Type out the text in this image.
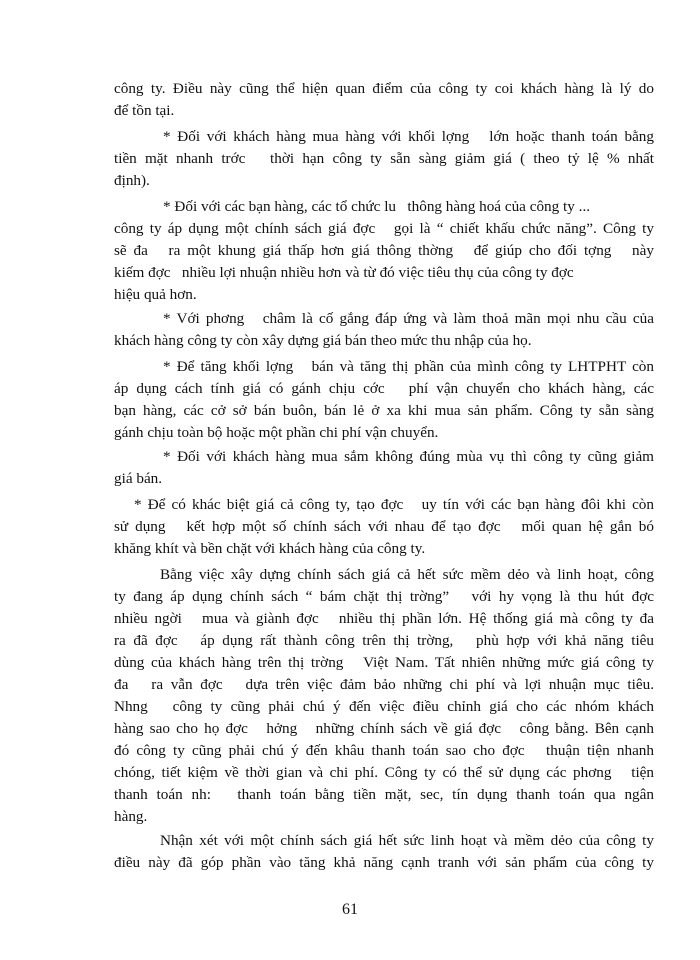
công ty. Điều này cũng thể hiện quan điểm của công ty coi khách hàng là lý do

để tồn tại.

* Đối với khách hàng mua hàng với khối lợng   lớn hoặc thanh toán bằng

tiền mặt nhanh trớc   thời hạn công ty sẵn sàng giảm giá ( theo tỷ lệ % nhất

định).

* Đối với các bạn hàng, các tổ chức lu   thông hàng hoá của công ty ...

công ty áp dụng một chính sách giá đợc   gọi là “ chiết khấu chức năng”. Công ty

sẽ đa   ra một khung giá thấp hơn giá thông thờng   để giúp cho đối tợng   này

kiếm đợc   nhiều lợi nhuận nhiều hơn và từ đó việc tiêu thụ của công ty đợc

hiệu quả hơn.

* Với phơng   châm là cố gắng đáp ứng và làm thoả mãn mọi nhu cầu của

khách hàng công ty còn xây dựng giá bán theo mức thu nhập của họ.

* Để tăng khối lợng   bán và tăng thị phần của mình công ty LHTPHT còn

áp dụng cách tính giá có gánh chịu cớc   phí vận chuyển cho khách hàng, các

bạn hàng, các cở sở bán buôn, bán lẻ ở xa khi mua sản phẩm. Công ty sẵn sàng

gánh chịu toàn bộ hoặc một phần chi phí vận chuyển.

* Đối với khách hàng mua sắm không đúng mùa vụ thì công ty cũng giảm

giá bán.

* Để có khác biệt giá cả công ty, tạo đợc   uy tín với các bạn hàng đôi khi còn

sử dụng   kết hợp một số chính sách với nhau để tạo đợc   mối quan hệ gắn bó

khăng khít và bền chặt với khách hàng của công ty.

Bằng việc xây dựng chính sách giá cả hết sức mềm dẻo và linh hoạt, công

ty đang áp dụng chính sách “ bám chặt thị trờng”   với hy vọng là thu hút đợc

nhiều ngời   mua và giành đợc   nhiều thị phần lớn. Hệ thống giá mà công ty đa

ra đã đợc   áp dụng rất thành công trên thị trờng,   phù hợp với khả năng tiêu

dùng của khách hàng trên thị trờng   Việt Nam. Tất nhiên những mức giá công ty

đa   ra vẫn đợc   dựa trên việc đảm bảo những chi phí và lợi nhuận mục tiêu.

Nhng   công ty cũng phải chú ý đến việc điều chỉnh giá cho các nhóm khách

hàng sao cho họ đợc   hởng   những chính sách về giá đợc   công bằng. Bên cạnh

đó công ty cũng phải chú ý đến khâu thanh toán sao cho đợc   thuận tiện nhanh

chóng, tiết kiệm về thời gian và chi phí. Công ty có thể sử dụng các phơng   tiện

thanh toán nh:   thanh toán bằng tiền mặt, sec, tín dụng thanh toán qua ngân

hàng.

Nhận xét với một chính sách giá hết sức linh hoạt và mềm dẻo của công ty

điều này đã góp phần vào tăng khả năng cạnh tranh với sản phẩm của công ty

61
